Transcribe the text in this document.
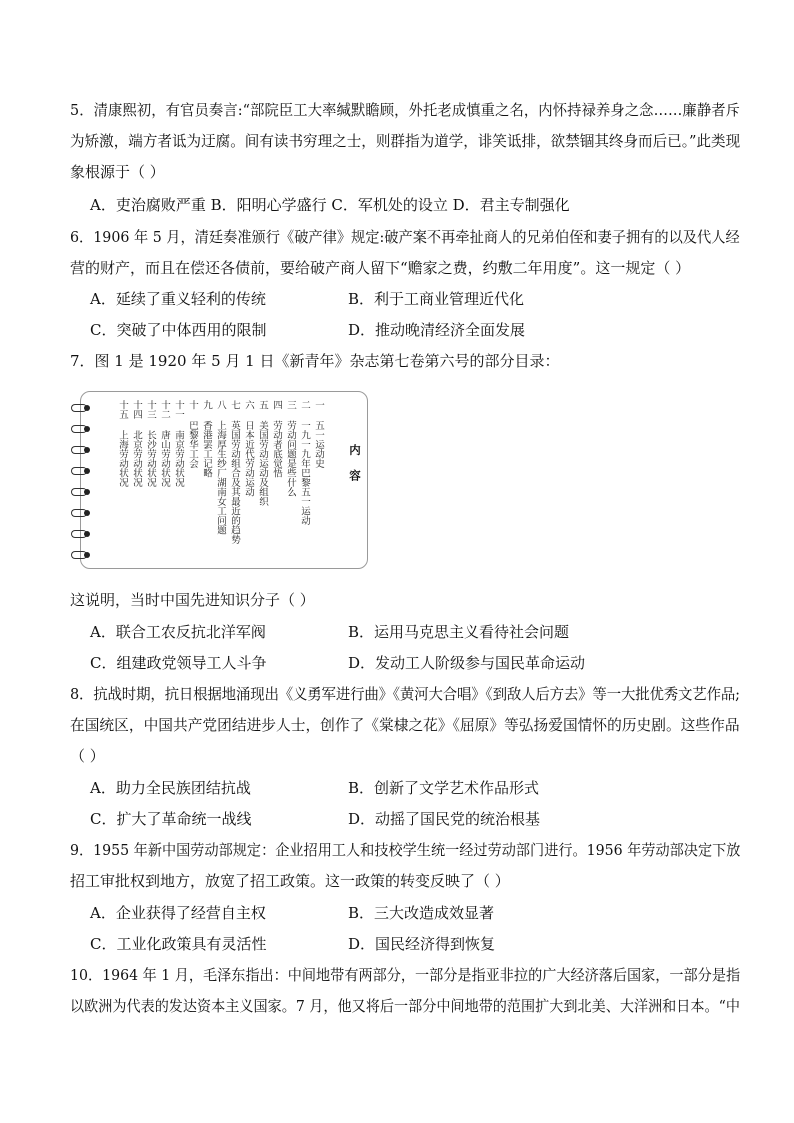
5．清康熙初，有官员奏言:“部院臣工大率缄默瞻顾，外托老成慎重之名，内怀持禄养身之念……廉静者斥
为矫激，端方者诋为迂腐。间有读书穷理之士，则群指为道学，诽笑诋排，欲禁锢其终身而后已。”此类现
象根源于（ ）
A．吏治腐败严重 B．阳明心学盛行 C．军机处的设立 D．君主专制强化
6．1906 年 5 月，清廷奏准颁行《破产律》规定:破产案不再牵扯商人的兄弟伯侄和妻子拥有的以及代人经
营的财产，而且在偿还各债前，要给破产商人留下“赡家之费，约敷二年用度”。这一规定（ ）
A．延续了重义轻利的传统	B．利于工商业管理近代化
C．突破了中体西用的限制	D．推动晚清经济全面发展
7．图 1 是 1920 年 5 月 1 日《新青年》杂志第七卷第六号的部分目录：
内容
一 五一运动史
二 一九一九年巴黎五一运动
三 劳动问题是些什么
四 劳动者底觉悟
五 美国劳动运动及组织
六 日本近代劳动运动
七 英国劳动组合及其最近的趋势
八 上海厚生纱厂湖南女工问题
九 香港罢工记略
十 巴黎华工会
十一 南京劳动状况
十二 唐山劳动状况
十三 长沙劳动状况
十四 北京劳动状况
十五 上海劳动状况
这说明，当时中国先进知识分子（ ）
A．联合工农反抗北洋军阀	B．运用马克思主义看待社会问题
C．组建政党领导工人斗争	D．发动工人阶级参与国民革命运动
8．抗战时期，抗日根据地涌现出《义勇军进行曲》《黄河大合唱》《到敌人后方去》等一大批优秀文艺作品;
在国统区，中国共产党团结进步人士，创作了《棠棣之花》《屈原》等弘扬爱国情怀的历史剧。这些作品
（ ）
A．助力全民族团结抗战	B．创新了文学艺术作品形式
C．扩大了革命统一战线	D．动摇了国民党的统治根基
9．1955 年新中国劳动部规定：企业招用工人和技校学生统一经过劳动部门进行。1956 年劳动部决定下放
招工审批权到地方，放宽了招工政策。这一政策的转变反映了（ ）
A．企业获得了经营自主权	B．三大改造成效显著
C．工业化政策具有灵活性	D．国民经济得到恢复
10．1964 年 1 月，毛泽东指出：中间地带有两部分，一部分是指亚非拉的广大经济落后国家，一部分是指
以欧洲为代表的发达资本主义国家。7 月，他又将后一部分中间地带的范围扩大到北美、大洋洲和日本。“中
